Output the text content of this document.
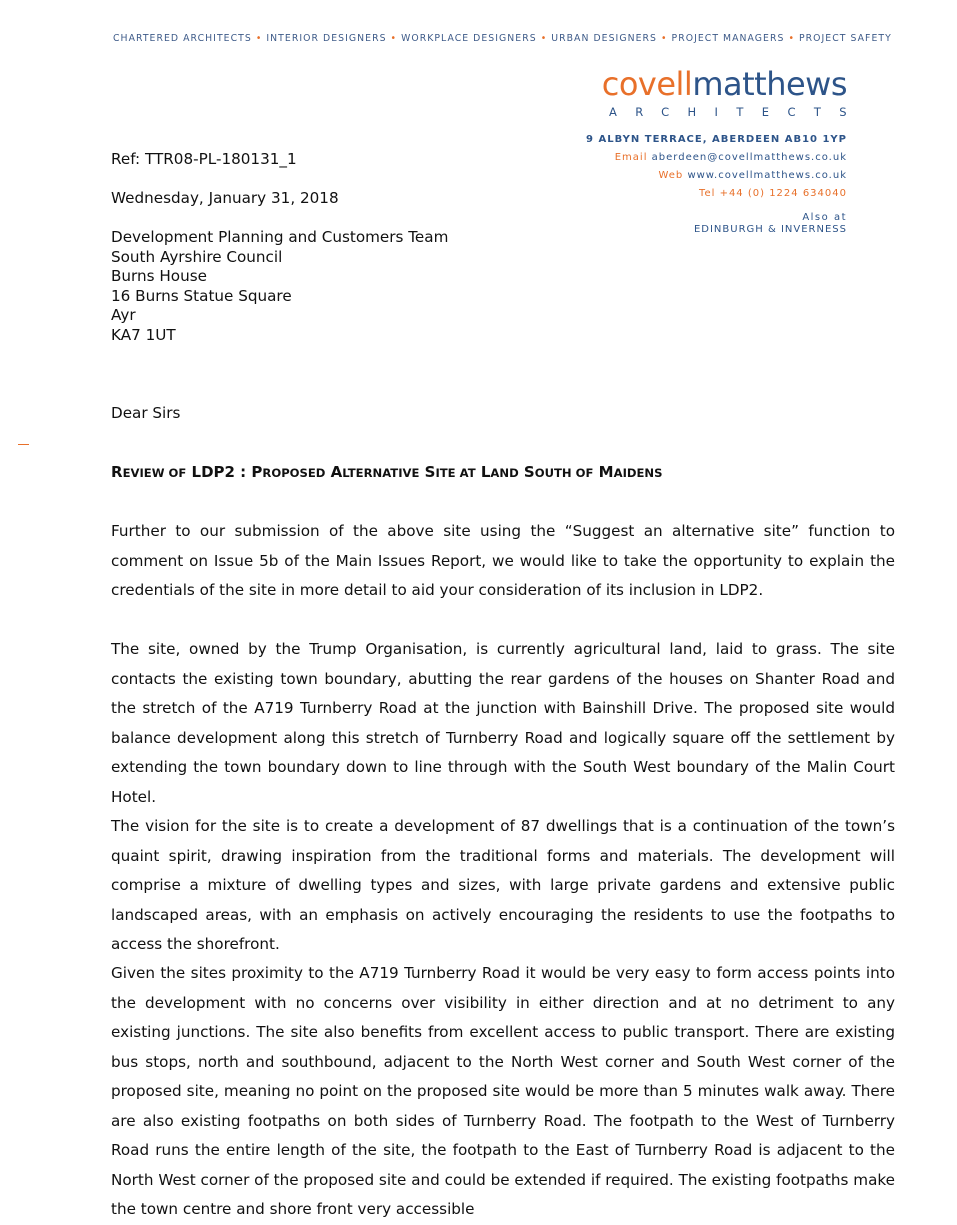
CHARTERED ARCHITECTS • INTERIOR DESIGNERS • WORKPLACE DESIGNERS • URBAN DESIGNERS • PROJECT MANAGERS • PROJECT SAFETY
covellmatthews
ARCHITECTS
9 ALBYN TERRACE, ABERDEEN AB10 1YP
Email aberdeen@covellmatthews.co.uk
Web www.covellmatthews.co.uk
Tel +44 (0) 1224 634040
Also at
EDINBURGH & INVERNESS
Ref: TTR08-PL-180131_1
Wednesday, January 31, 2018
Development Planning and Customers Team
South Ayrshire Council
Burns House
16 Burns Statue Square
Ayr
KA7 1UT
Dear Sirs
REVIEW OF LDP2 : PROPOSED ALTERNATIVE SITE AT LAND SOUTH OF MAIDENS
Further to our submission of the above site using the “Suggest an alternative site” function to comment on Issue 5b of the Main Issues Report, we would like to take the opportunity to explain the credentials of the site in more detail to aid your consideration of its inclusion in LDP2.
The site, owned by the Trump Organisation, is currently agricultural land, laid to grass. The site contacts the existing town boundary, abutting the rear gardens of the houses on Shanter Road and the stretch of the A719 Turnberry Road at the junction with Bainshill Drive. The proposed site would balance development along this stretch of Turnberry Road and logically square off the settlement by extending the town boundary down to line through with the South West boundary of the Malin Court Hotel.
The vision for the site is to create a development of 87 dwellings that is a continuation of the town’s quaint spirit, drawing inspiration from the traditional forms and materials. The development will comprise a mixture of dwelling types and sizes, with large private gardens and extensive public landscaped areas, with an emphasis on actively encouraging the residents to use the footpaths to access the shorefront.
Given the sites proximity to the A719 Turnberry Road it would be very easy to form access points into the development with no concerns over visibility in either direction and at no detriment to any existing junctions. The site also benefits from excellent access to public transport. There are existing bus stops, north and southbound, adjacent to the North West corner and South West corner of the proposed site, meaning no point on the proposed site would be more than 5 minutes walk away. There are also existing footpaths on both sides of Turnberry Road. The footpath to the West of Turnberry Road runs the entire length of the site, the footpath to the East of Turnberry Road is adjacent to the North West corner of the proposed site and could be extended if required. The existing footpaths make the town centre and shore front very accessible
